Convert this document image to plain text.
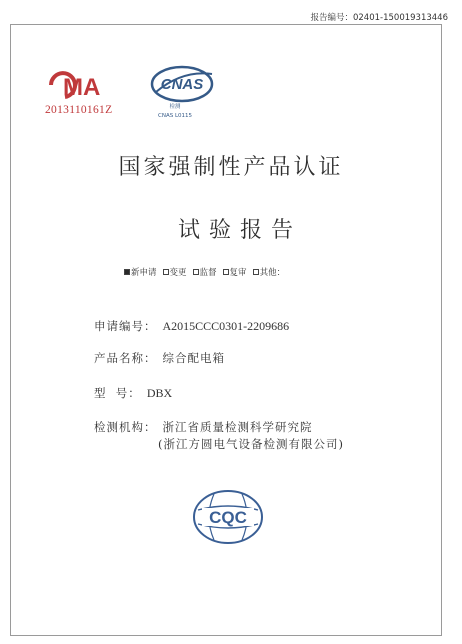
报告编号：02401-150019313446
MA
2013110161Z
CNAS
检测
CNAS L0115
国家强制性产品认证
试验报告
新申请 变更 监督 复审 其他：
申请编号： A2015CCC0301-2209686
产品名称： 综合配电箱
型  号： DBX
检测机构： 浙江省质量检测科学研究院
(浙江方圆电气设备检测有限公司)
CQC
